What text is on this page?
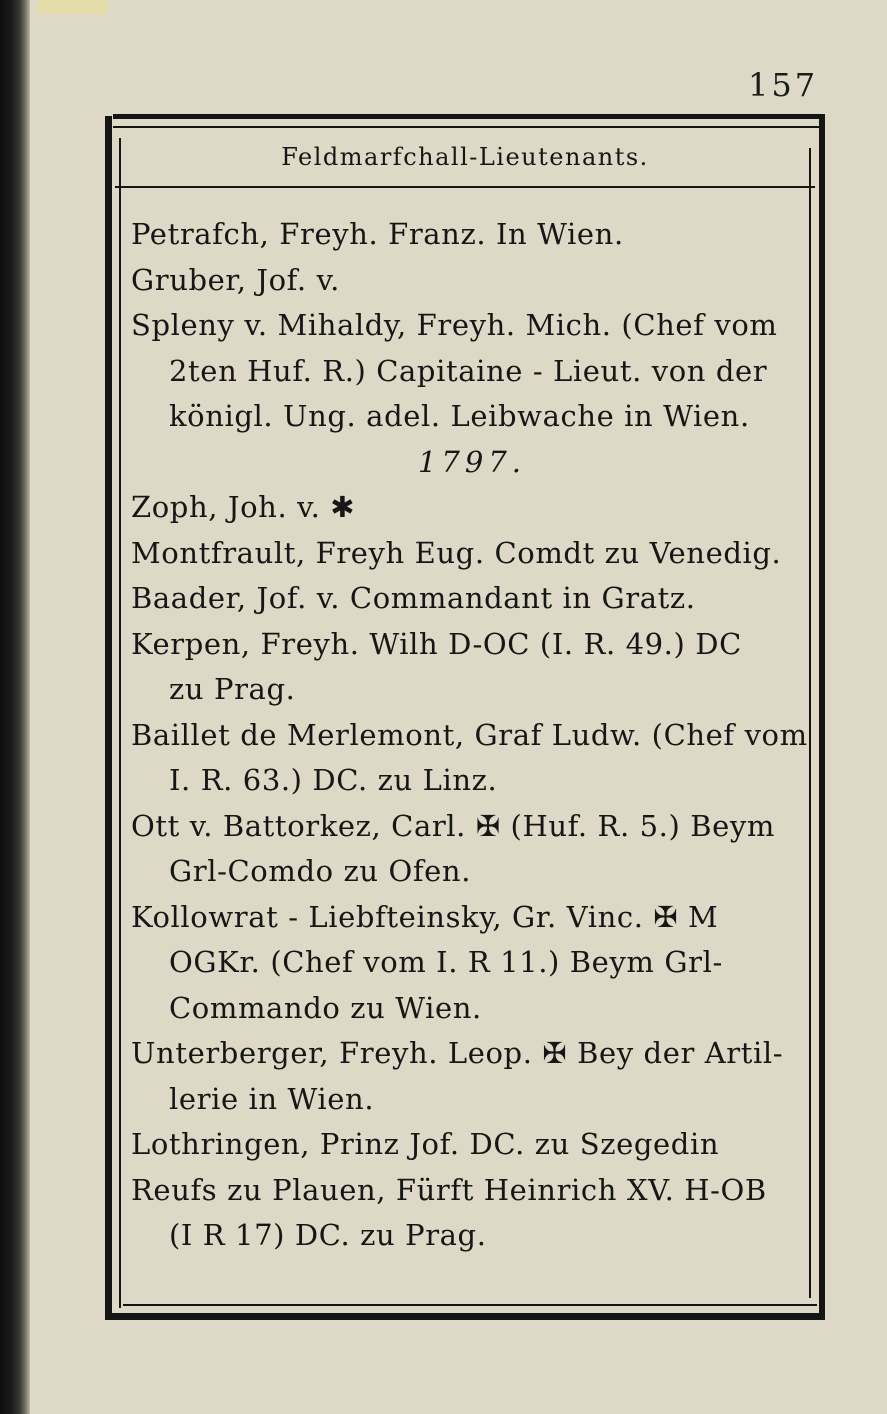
157
Feldmarfchall-Lieutenants.
Petrafch, Freyh. Franz. In Wien.
Gruber, Jof. v.
Spleny v. Mihaldy, Freyh. Mich. (Chef vom
2ten Huf. R.) Capitaine - Lieut. von der
königl. Ung. adel. Leibwache in Wien.
1797.
Zoph, Joh. v. ✱
Montfrault, Freyh Eug. Comdt zu Venedig.
Baader, Jof. v. Commandant in Gratz.
Kerpen, Freyh. Wilh D-OC (I. R. 49.) DC
zu Prag.
Baillet de Merlemont, Graf Ludw. (Chef vom
I. R. 63.) DC. zu Linz.
Ott v. Battorkez, Carl. ✠ (Huf. R. 5.) Beym
Grl-Comdo zu Ofen.
Kollowrat - Liebfteinsky, Gr. Vinc. ✠ M
OGKr. (Chef vom I. R 11.) Beym Grl-
Commando zu Wien.
Unterberger, Freyh. Leop. ✠ Bey der Artil-
lerie in Wien.
Lothringen, Prinz Jof. DC. zu Szegedin
Reufs zu Plauen, Fürft Heinrich XV. H-OB
(I R 17) DC. zu Prag.
